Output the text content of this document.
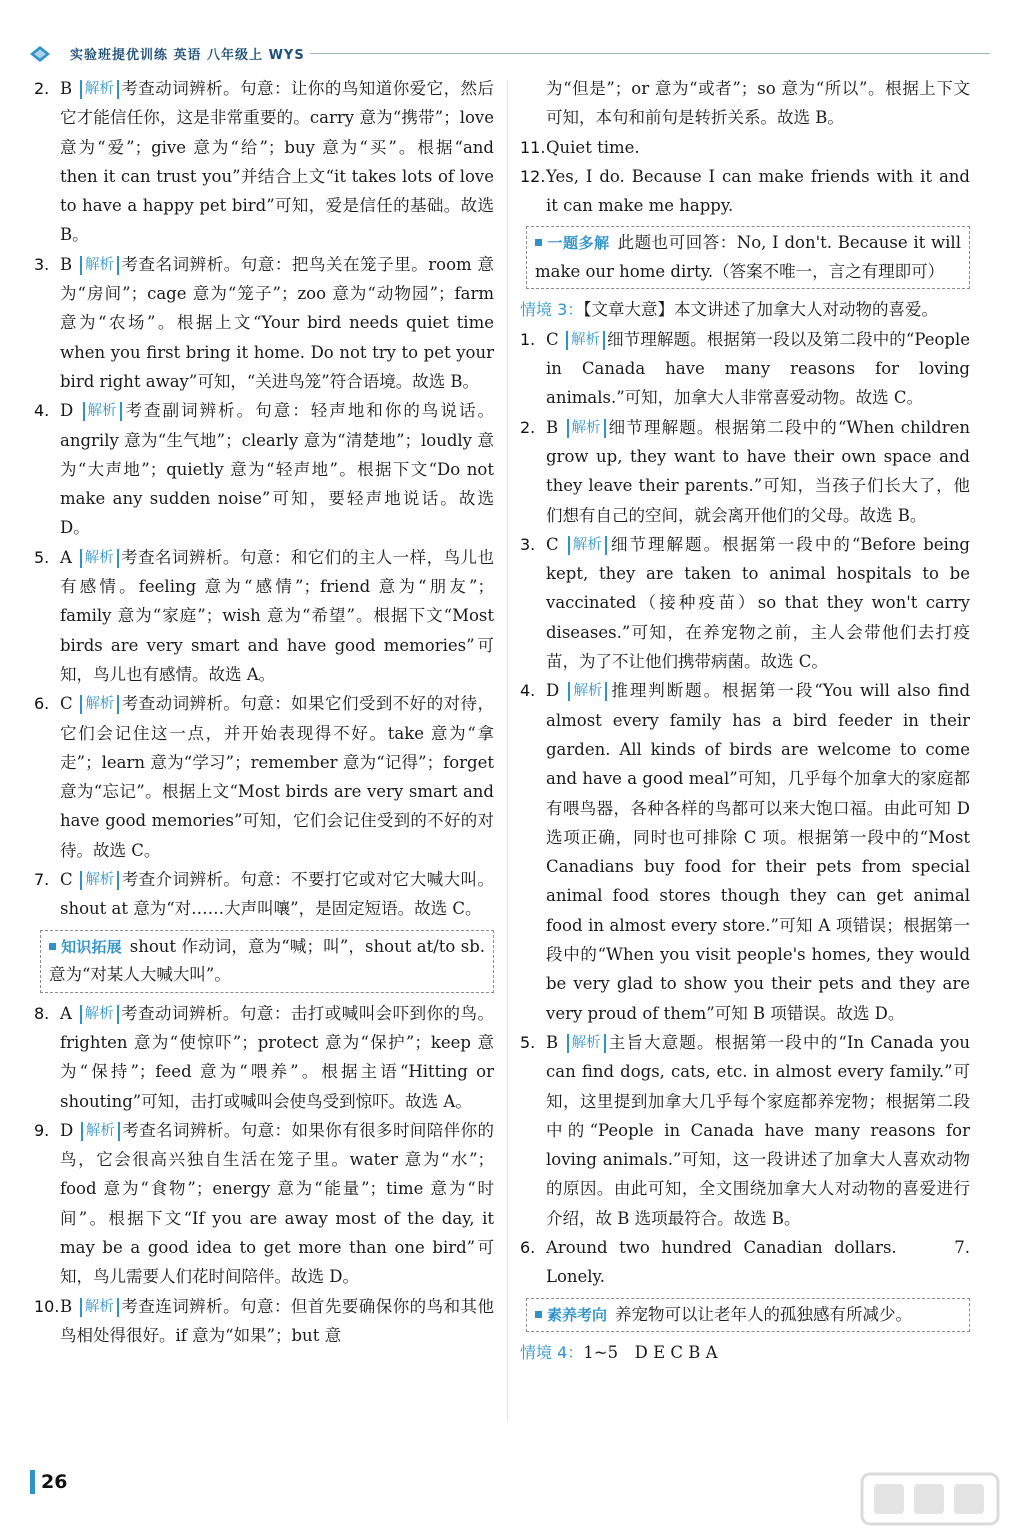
实验班提优训练 英语 八年级上 WYS
2. B 解析 考查动词辨析。句意：让你的鸟知道你爱它，然后它才能信任你，这是非常重要的。carry 意为“携带”；love 意为“爱”；give 意为“给”；buy 意为“买”。根据“and then it can trust you”并结合上文“it takes lots of love to have a happy pet bird”可知，爱是信任的基础。故选 B。
3. B 解析 考查名词辨析。句意：把鸟关在笼子里。room 意为“房间”；cage 意为“笼子”；zoo 意为“动物园”；farm 意为“农场”。根据上文“Your bird needs quiet time when you first bring it home. Do not try to pet your bird right away”可知，“关进鸟笼”符合语境。故选 B。
4. D 解析 考查副词辨析。句意：轻声地和你的鸟说话。angrily 意为“生气地”；clearly 意为“清楚地”；loudly 意为“大声地”；quietly 意为“轻声地”。根据下文“Do not make any sudden noise”可知，要轻声地说话。故选 D。
5. A 解析 考查名词辨析。句意：和它们的主人一样，鸟儿也有感情。feeling 意为“感情”；friend 意为“朋友”；family 意为“家庭”；wish 意为“希望”。根据下文“Most birds are very smart and have good memories”可知，鸟儿也有感情。故选 A。
6. C 解析 考查动词辨析。句意：如果它们受到不好的对待，它们会记住这一点，并开始表现得不好。take 意为“拿走”；learn 意为“学习”；remember 意为“记得”；forget 意为“忘记”。根据上文“Most birds are very smart and have good memories”可知，它们会记住受到的不好的对待。故选 C。
7. C 解析 考查介词辨析。句意：不要打它或对它大喊大叫。shout at 意为“对……大声叫嚷”，是固定短语。故选 C。
知识拓展 shout 作动词，意为“喊；叫”，shout at/to sb. 意为“对某人大喊大叫”。
8. A 解析 考查动词辨析。句意：击打或喊叫会吓到你的鸟。frighten 意为“使惊吓”；protect 意为“保护”；keep 意为“保持”；feed 意为“喂养”。根据主语“Hitting or shouting”可知，击打或喊叫会使鸟受到惊吓。故选 A。
9. D 解析 考查名词辨析。句意：如果你有很多时间陪伴你的鸟，它会很高兴独自生活在笼子里。water 意为“水”；food 意为“食物”；energy 意为“能量”；time 意为“时间”。根据下文“If you are away most of the day, it may be a good idea to get more than one bird”可知，鸟儿需要人们花时间陪伴。故选 D。
10. B 解析 考查连词辨析。句意：但首先要确保你的鸟和其他鸟相处得很好。if 意为“如果”；but 意
为“但是”；or 意为“或者”；so 意为“所以”。根据上下文可知，本句和前句是转折关系。故选 B。
11. Quiet time.
12. Yes, I do. Because I can make friends with it and it can make me happy.
一题多解 此题也可回答：No, I don't. Because it will make our home dirty.（答案不唯一，言之有理即可）
情境 3：【文章大意】本文讲述了加拿大人对动物的喜爱。
1. C 解析 细节理解题。根据第一段以及第二段中的“People in Canada have many reasons for loving animals.”可知，加拿大人非常喜爱动物。故选 C。
2. B 解析 细节理解题。根据第二段中的“When children grow up, they want to have their own space and they leave their parents.”可知，当孩子们长大了，他们想有自己的空间，就会离开他们的父母。故选 B。
3. C 解析 细节理解题。根据第一段中的“Before being kept, they are taken to animal hospitals to be vaccinated（接种疫苗）so that they won't carry diseases.”可知，在养宠物之前，主人会带他们去打疫苗，为了不让他们携带病菌。故选 C。
4. D 解析 推理判断题。根据第一段“You will also find almost every family has a bird feeder in their garden. All kinds of birds are welcome to come and have a good meal”可知，几乎每个加拿大的家庭都有喂鸟器，各种各样的鸟都可以来大饱口福。由此可知 D 选项正确，同时也可排除 C 项。根据第一段中的“Most Canadians buy food for their pets from special animal food stores though they can get animal food in almost every store.”可知 A 项错误；根据第一段中的“When you visit people's homes, they would be very glad to show you their pets and they are very proud of them”可知 B 项错误。故选 D。
5. B 解析 主旨大意题。根据第一段中的“In Canada you can find dogs, cats, etc. in almost every family.”可知，这里提到加拿大几乎每个家庭都养宠物；根据第二段中的“People in Canada have many reasons for loving animals.”可知，这一段讲述了加拿大人喜欢动物的原因。由此可知，全文围绕加拿大人对动物的喜爱进行介绍，故 B 选项最符合。故选 B。
6. Around two hundred Canadian dollars.	7. Lonely.
素养考向 养宠物可以让老年人的孤独感有所减少。
情境 4：1~5　D E C B A
26
